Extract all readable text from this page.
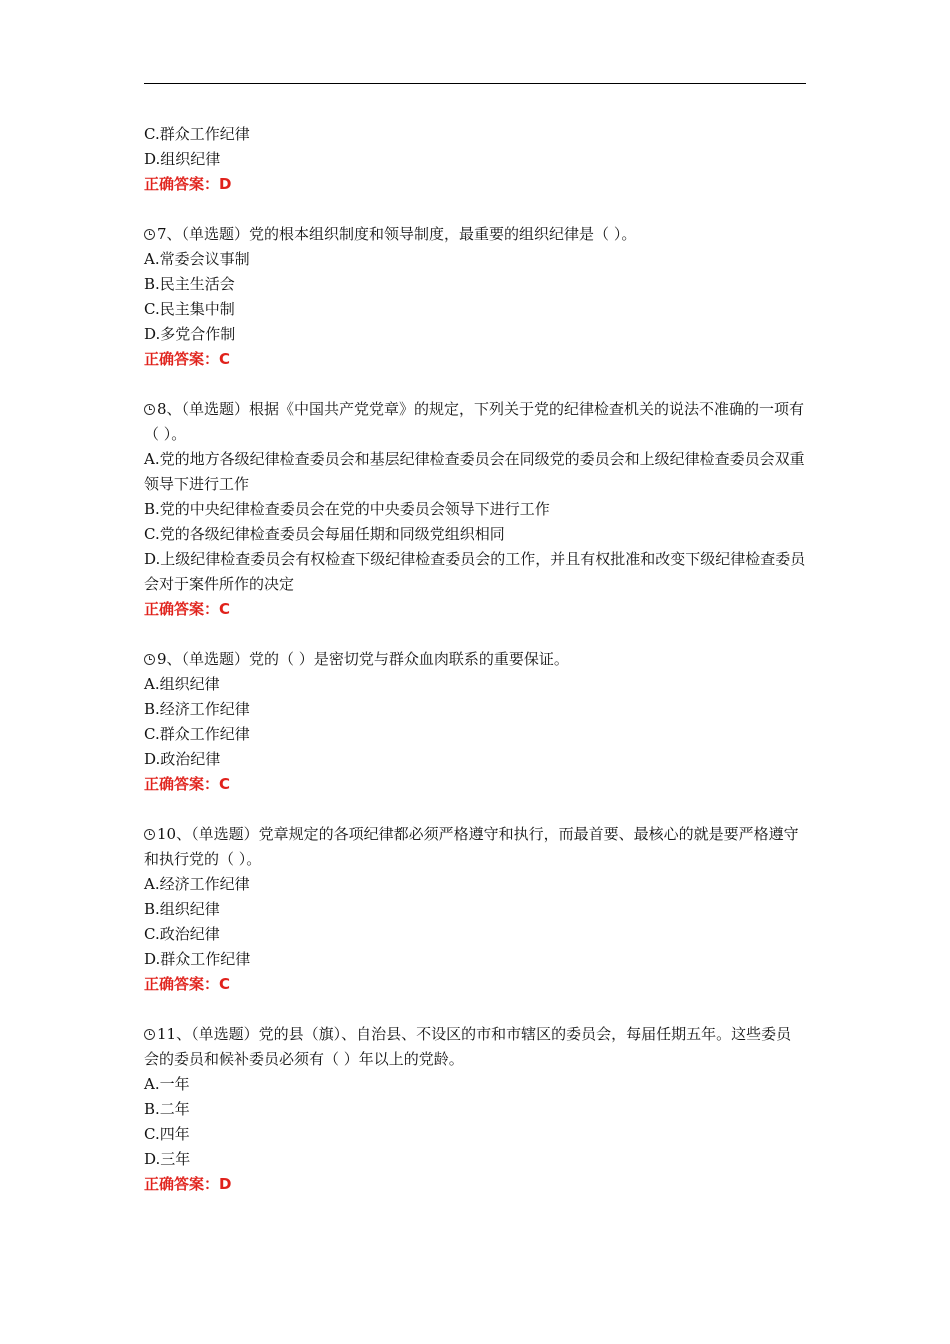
C.群众工作纪律
D.组织纪律
正确答案：D
7、（单选题）党的根本组织制度和领导制度，最重要的组织纪律是（ ）。
A.常委会议事制
B.民主生活会
C.民主集中制
D.多党合作制
正确答案：C
8、（单选题）根据《中国共产党党章》的规定，下列关于党的纪律检查机关的说法不准确的一项有（ ）。
A.党的地方各级纪律检查委员会和基层纪律检查委员会在同级党的委员会和上级纪律检查委员会双重领导下进行工作
B.党的中央纪律检查委员会在党的中央委员会领导下进行工作
C.党的各级纪律检查委员会每届任期和同级党组织相同
D.上级纪律检查委员会有权检查下级纪律检查委员会的工作，并且有权批准和改变下级纪律检查委员会对于案件所作的决定
正确答案：C
9、（单选题）党的（ ）是密切党与群众血肉联系的重要保证。
A.组织纪律
B.经济工作纪律
C.群众工作纪律
D.政治纪律
正确答案：C
10、（单选题）党章规定的各项纪律都必须严格遵守和执行，而最首要、最核心的就是要严格遵守和执行党的（ ）。
A.经济工作纪律
B.组织纪律
C.政治纪律
D.群众工作纪律
正确答案：C
11、（单选题）党的县（旗）、自治县、不设区的市和市辖区的委员会，每届任期五年。这些委员会的委员和候补委员必须有（ ）年以上的党龄。
A.一年
B.二年
C.四年
D.三年
正确答案：D
